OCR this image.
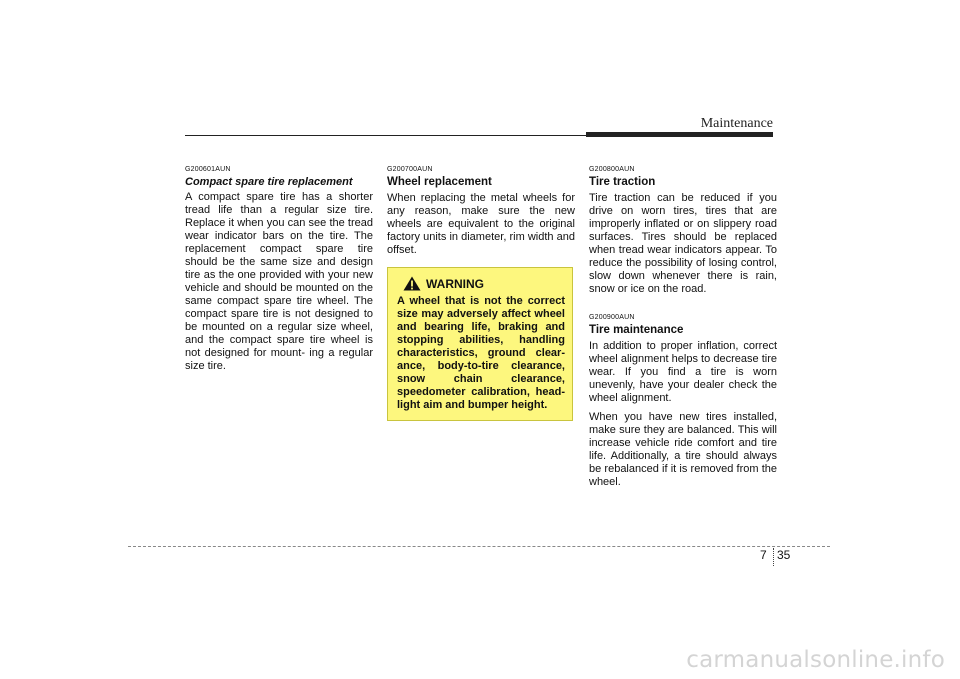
Maintenance

G200601AUN

Compact spare tire replacement

A compact spare tire has a shorter tread life than a regular size tire. Replace it when you can see the tread wear indicator bars on the tire. The replacement compact spare tire should be the same size and design tire as the one provided with your new vehicle and should be mounted on the same compact spare tire wheel. The compact spare tire is not designed to be mounted on a regular size wheel, and the compact spare tire wheel is not designed for mount- ing a regular size tire.

G200700AUN

Wheel replacement

When replacing the metal wheels for any reason, make sure the new wheels are equivalent to the original factory units in diameter, rim width and offset.

WARNING

A wheel that is not the correct size may adversely affect wheel and bearing life, braking and stopping abilities, handling characteristics, ground clear- ance, body-to-tire clearance, snow chain clearance, speedometer calibration, head- light aim and bumper height.

G200800AUN

Tire traction

Tire traction can be reduced if you drive on worn tires, tires that are improperly inflated or on slippery road surfaces. Tires should be replaced when tread wear indicators appear. To reduce the possibility of losing control, slow down whenever there is rain, snow or ice on the road.

G200900AUN

Tire maintenance

In addition to proper inflation, correct wheel alignment helps to decrease tire wear. If you find a tire is worn unevenly, have your dealer check the wheel alignment.

When you have new tires installed, make sure they are balanced. This will increase vehicle ride comfort and tire life. Additionally, a tire should always be rebalanced if it is removed from the wheel.

7 35
carmanualsonline.info
